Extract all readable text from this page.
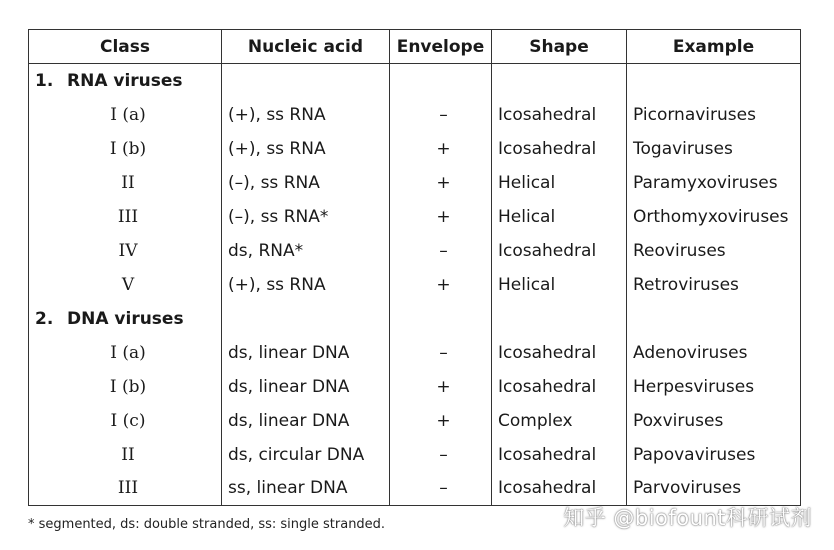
Class	Nucleic acid	Envelope	Shape	Example
1. RNA viruses				
I (a)	(+), ss RNA	–	Icosahedral	Picornaviruses
I (b)	(+), ss RNA	+	Icosahedral	Togaviruses
II	(–), ss RNA	+	Helical	Paramyxoviruses
III	(–), ss RNA*	+	Helical	Orthomyxoviruses
IV	ds, RNA*	–	Icosahedral	Reoviruses
V	(+), ss RNA	+	Helical	Retroviruses
2. DNA viruses				
I (a)	ds, linear DNA	–	Icosahedral	Adenoviruses
I (b)	ds, linear DNA	+	Icosahedral	Herpesviruses
I (c)	ds, linear DNA	+	Complex	Poxviruses
II	ds, circular DNA	–	Icosahedral	Papovaviruses
III	ss, linear DNA	–	Icosahedral	Parvoviruses
* segmented, ds: double stranded, ss: single stranded.	知乎 @biofount科研试剂
